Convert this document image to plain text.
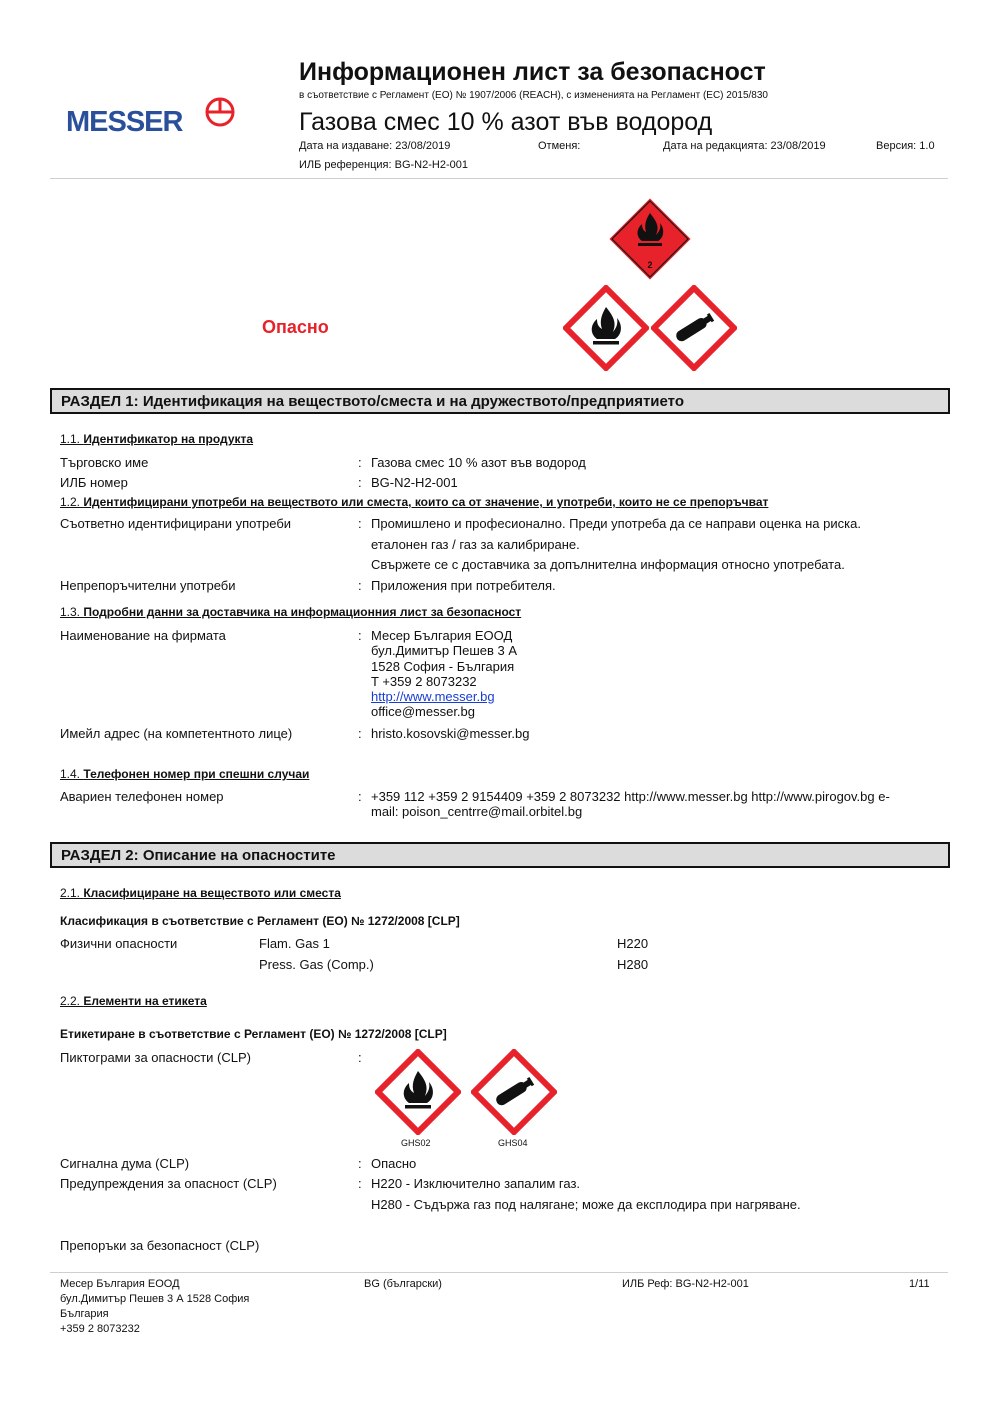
MESSER
Информационен лист за безопасност
в съответствие с Регламент (ЕО) № 1907/2006 (REACH), с измененията на Регламент (ЕС) 2015/830
Газова смес 10 % азот във водород
Дата на издаване: 23/08/2019	Отменя:	Дата на редакцията: 23/08/2019	Версия: 1.0
ИЛБ референция: BG-N2-H2-001
2
Опасно
РАЗДЕЛ 1: Идентификация на веществото/сместа и на дружеството/предприятието
1.1. Идентификатор на продукта
Търговско име	: Газова смес 10 % азот във водород
ИЛБ номер	: BG-N2-H2-001
1.2. Идентифицирани употреби на веществото или сместа, които са от значение, и употреби, които не се препоръчват
Съответно идентифицирани употреби	: Промишлено и професионално. Преди употреба да се направи оценка на риска.
еталонен газ / газ за калибриране.
Свържете се с доставчика за допълнителна информация относно употребата.
Непрепоръчителни употреби	: Приложения при потребителя.
1.3. Подробни данни за доставчика на информационния лист за безопасност
Наименование на фирмата	: Месер България ЕООД
бул.Димитър Пешев 3 А
1528 София - България
T +359 2 8073232
http://www.messer.bg
office@messer.bg
Имейл адрес (на компетентното лице)	: hristo.kosovski@messer.bg
1.4. Телефонен номер при спешни случаи
Авариен телефонен номер	: +359 112 +359 2 9154409 +359 2 8073232 http://www.messer.bg http://www.pirogov.bg e-
mail: poison_centrre@mail.orbitel.bg
РАЗДЕЛ 2: Описание на опасностите
2.1. Класифициране на веществото или сместа
Класификация в съответствие с Регламент (ЕО) № 1272/2008 [CLP]
Физични опасности	Flam. Gas 1	H220
Press. Gas (Comp.)	H280
2.2. Елементи на етикета
Етикетиране в съответствие с Регламент (ЕО) № 1272/2008 [CLP]
Пиктограми за опасности (CLP)	:
GHS02	GHS04
Сигнална дума (CLP)	: Опасно
Предупреждения за опасност (CLP)	: H220 - Изключително запалим газ.
H280 - Съдържа газ под налягане; може да експлодира при нагряване.
Препоръки за безопасност (CLP)
Месер България ЕООД
бул.Димитър Пешев 3 А 1528 София
България
+359 2 8073232
BG (български)	ИЛБ Реф: BG-N2-H2-001	1/11
